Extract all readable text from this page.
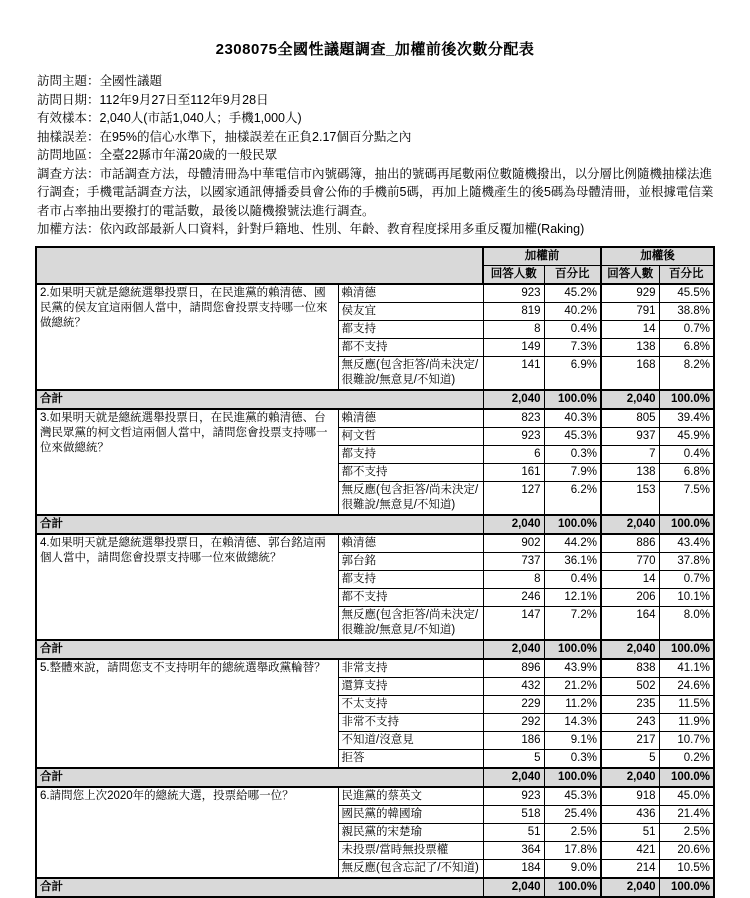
2308075全國性議題調查_加權前後次數分配表
訪問主題：全國性議題
訪問日期：112年9月27日至112年9月28日
有效樣本：2,040人(市話1,040人；手機1,000人)
抽樣誤差：在95%的信心水準下，抽樣誤差在正負2.17個百分點之內
訪問地區：全臺22縣市年滿20歲的一般民眾
調查方法：市話調查方法，母體清冊為中華電信市內號碼簿，抽出的號碼再尾數兩位數隨機撥出，以分層比例隨機抽樣法進行調查；手機電話調查方法，以國家通訊傳播委員會公佈的手機前5碼，再加上隨機產生的後5碼為母體清冊，並根據電信業者市占率抽出要撥打的電話數，最後以隨機撥號法進行調查。
加權方法：依內政部最新人口資料，針對戶籍地、性別、年齡、教育程度採用多重反覆加權(Raking)
		加權前		加權後	
		回答人數	百分比	回答人數	百分比
2.如果明天就是總統選舉投票日，在民進黨的賴清德、國民黨的侯友宜這兩個人當中，請問您會投票支持哪一位來做總統？	賴清德	923	45.2%	929	45.5%
	侯友宜	819	40.2%	791	38.8%
	都支持	8	0.4%	14	0.7%
	都不支持	149	7.3%	138	6.8%
	無反應(包含拒答/尚未決定/很難說/無意見/不知道)	141	6.9%	168	8.2%
合計		2,040	100.0%	2,040	100.0%
3.如果明天就是總統選舉投票日，在民進黨的賴清德、台灣民眾黨的柯文哲這兩個人當中，請問您會投票支持哪一位來做總統？	賴清德	823	40.3%	805	39.4%
	柯文哲	923	45.3%	937	45.9%
	都支持	6	0.3%	7	0.4%
	都不支持	161	7.9%	138	6.8%
	無反應(包含拒答/尚未決定/很難說/無意見/不知道)	127	6.2%	153	7.5%
合計		2,040	100.0%	2,040	100.0%
4.如果明天就是總統選舉投票日，在賴清德、郭台銘這兩個人當中，請問您會投票支持哪一位來做總統？	賴清德	902	44.2%	886	43.4%
	郭台銘	737	36.1%	770	37.8%
	都支持	8	0.4%	14	0.7%
	都不支持	246	12.1%	206	10.1%
	無反應(包含拒答/尚未決定/很難說/無意見/不知道)	147	7.2%	164	8.0%
合計		2,040	100.0%	2,040	100.0%
5.整體來說，請問您支不支持明年的總統選舉政黨輪替？	非常支持	896	43.9%	838	41.1%
	還算支持	432	21.2%	502	24.6%
	不太支持	229	11.2%	235	11.5%
	非常不支持	292	14.3%	243	11.9%
	不知道/沒意見	186	9.1%	217	10.7%
	拒答	5	0.3%	5	0.2%
合計		2,040	100.0%	2,040	100.0%
6.請問您上次2020年的總統大選，投票給哪一位？	民進黨的蔡英文	923	45.3%	918	45.0%
	國民黨的韓國瑜	518	25.4%	436	21.4%
	親民黨的宋楚瑜	51	2.5%	51	2.5%
	未投票/當時無投票權	364	17.8%	421	20.6%
	無反應(包含忘記了/不知道)	184	9.0%	214	10.5%
合計		2,040	100.0%	2,040	100.0%
